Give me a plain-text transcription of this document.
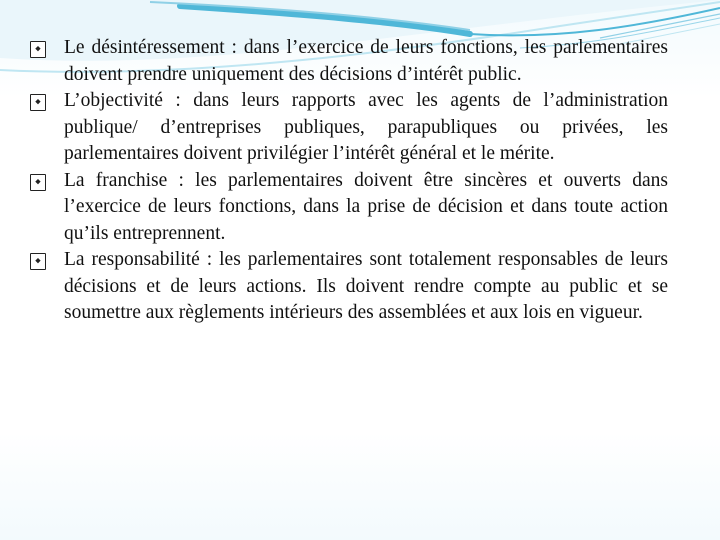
◆
Le désintéressement : dans l’exercice de leurs fonctions, les parlementaires doivent prendre uniquement des décisions d’intérêt public.
◆
L’objectivité : dans leurs rapports avec les agents de l’administration publique/ d’entreprises publiques, parapubliques ou privées, les parlementaires doivent privilégier l’intérêt général et le mérite.
◆
La franchise : les parlementaires doivent être sincères et ouverts dans l’exercice de leurs fonctions, dans la prise de décision et dans toute action qu’ils entreprennent.
◆
La responsabilité : les parlementaires sont totalement responsables de leurs décisions et de leurs actions. Ils doivent rendre compte au public et se soumettre aux règlements intérieurs des assemblées et aux lois en vigueur.
